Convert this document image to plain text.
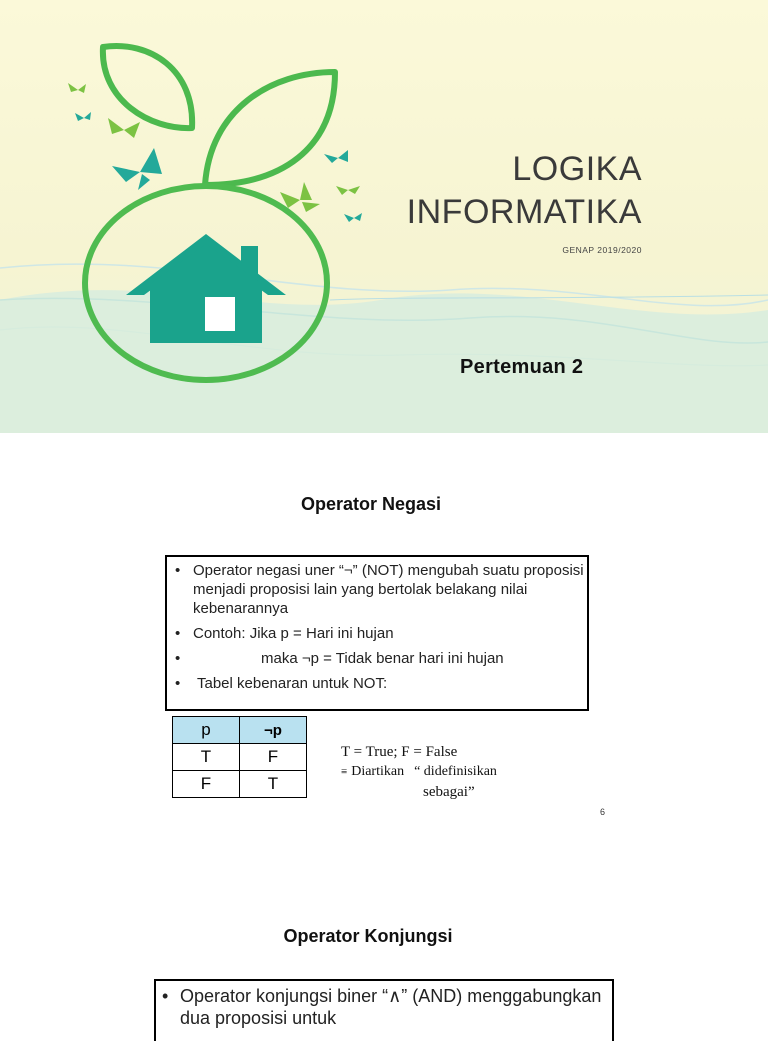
LOGIKA
INFORMATIKA
GENAP 2019/2020
Pertemuan 2
Operator Negasi
• Operator negasi uner “¬” (NOT) mengubah suatu proposisi menjadi proposisi lain yang bertolak belakang nilai kebenarannya
• Contoh: Jika p = Hari ini hujan
• maka ¬p = Tidak benar hari ini hujan
• Tabel kebenaran untuk NOT:
p	¬p
T	F
F	T
T = True; F = False
≡ Diartikan “ didefinisikan
sebagai”
6
Operator Konjungsi
• Operator konjungsi biner “∧” (AND) menggabungkan dua proposisi untuk
